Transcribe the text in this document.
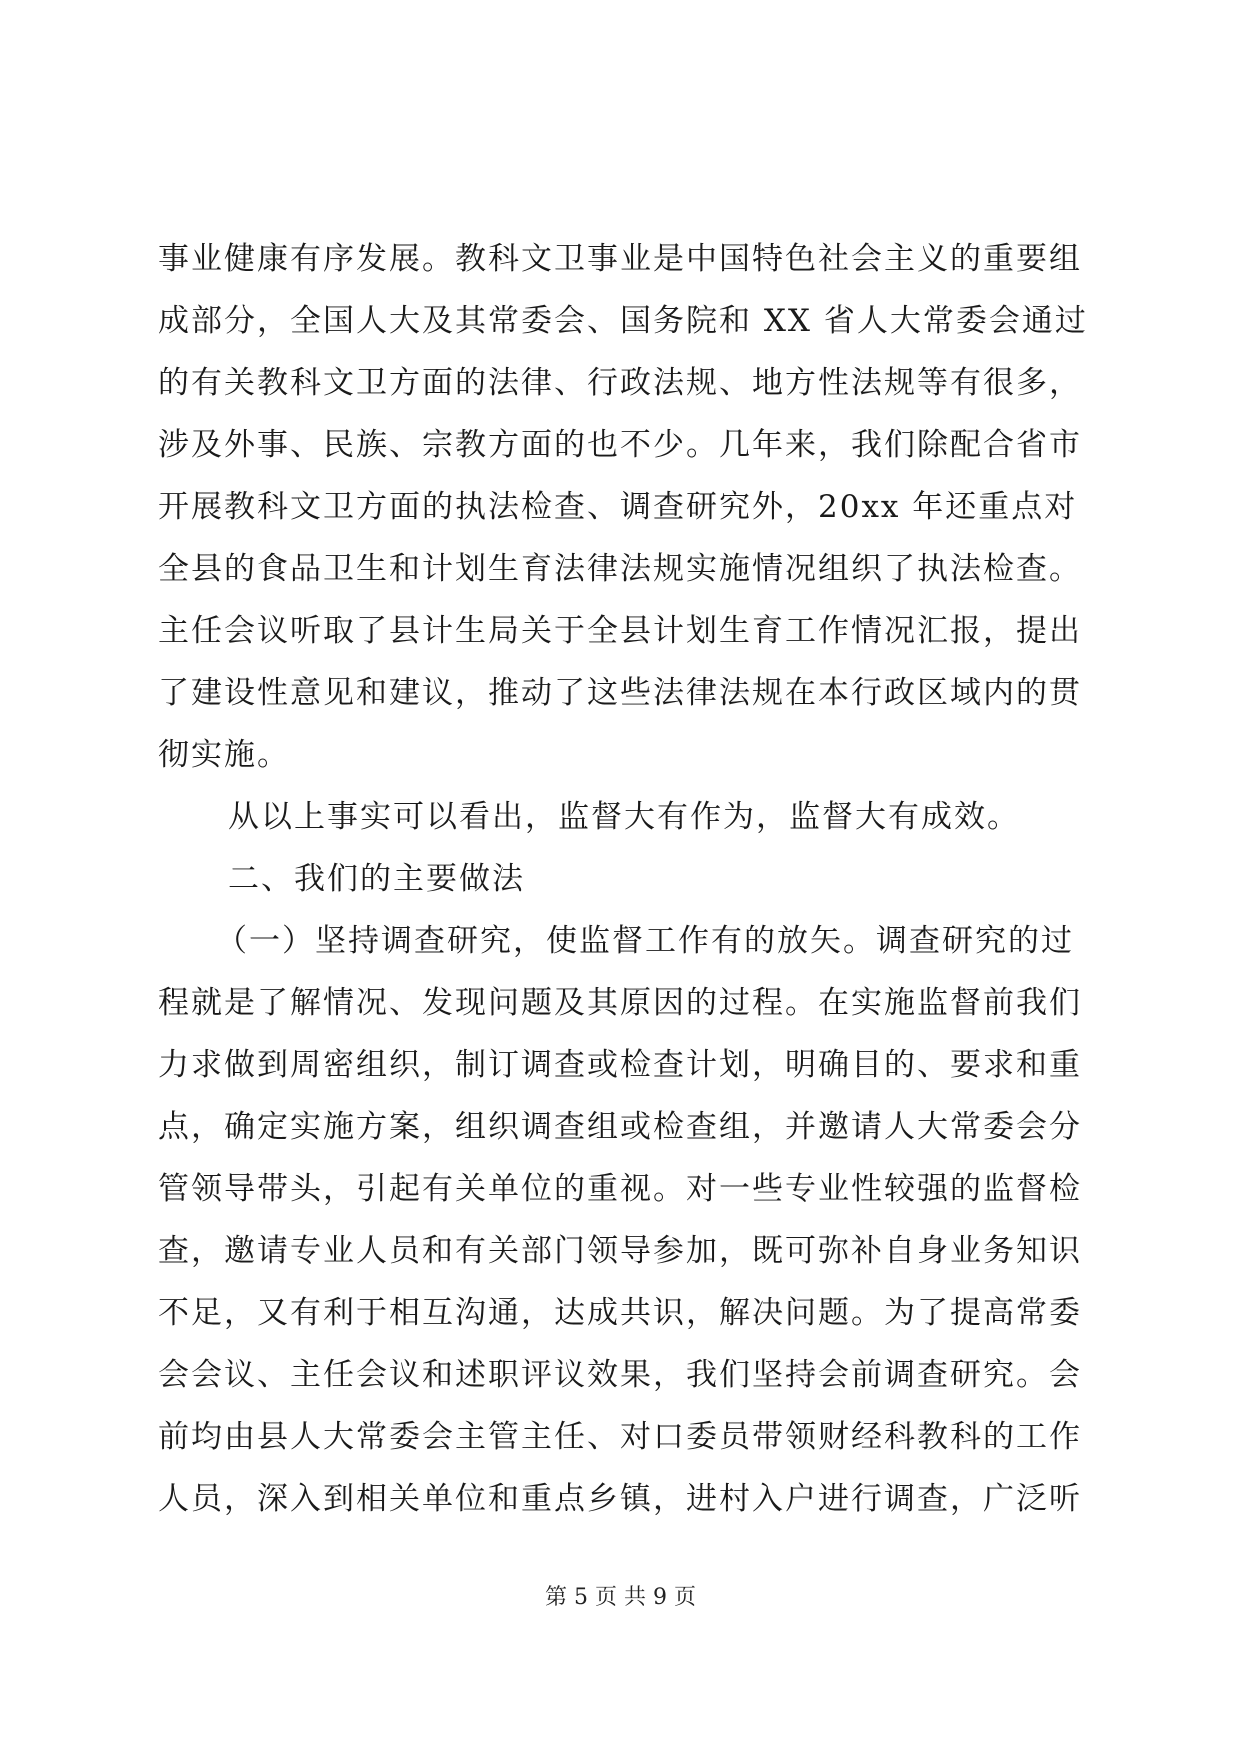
事业健康有序发展。教科文卫事业是中国特色社会主义的重要组
成部分，全国人大及其常委会、国务院和 XX 省人大常委会通过
的有关教科文卫方面的法律、行政法规、地方性法规等有很多，
涉及外事、民族、宗教方面的也不少。几年来，我们除配合省市
开展教科文卫方面的执法检查、调查研究外，20xx 年还重点对
全县的食品卫生和计划生育法律法规实施情况组织了执法检查。
主任会议听取了县计生局关于全县计划生育工作情况汇报，提出
了建设性意见和建议，推动了这些法律法规在本行政区域内的贯
彻实施。
从以上事实可以看出，监督大有作为，监督大有成效。
二、我们的主要做法
（一）坚持调查研究，使监督工作有的放矢。调查研究的过
程就是了解情况、发现问题及其原因的过程。在实施监督前我们
力求做到周密组织，制订调查或检查计划，明确目的、要求和重
点，确定实施方案，组织调查组或检查组，并邀请人大常委会分
管领导带头，引起有关单位的重视。对一些专业性较强的监督检
查，邀请专业人员和有关部门领导参加，既可弥补自身业务知识
不足，又有利于相互沟通，达成共识，解决问题。为了提高常委
会会议、主任会议和述职评议效果，我们坚持会前调查研究。会
前均由县人大常委会主管主任、对口委员带领财经科教科的工作
人员，深入到相关单位和重点乡镇，进村入户进行调查，广泛听
第 5 页 共 9 页
